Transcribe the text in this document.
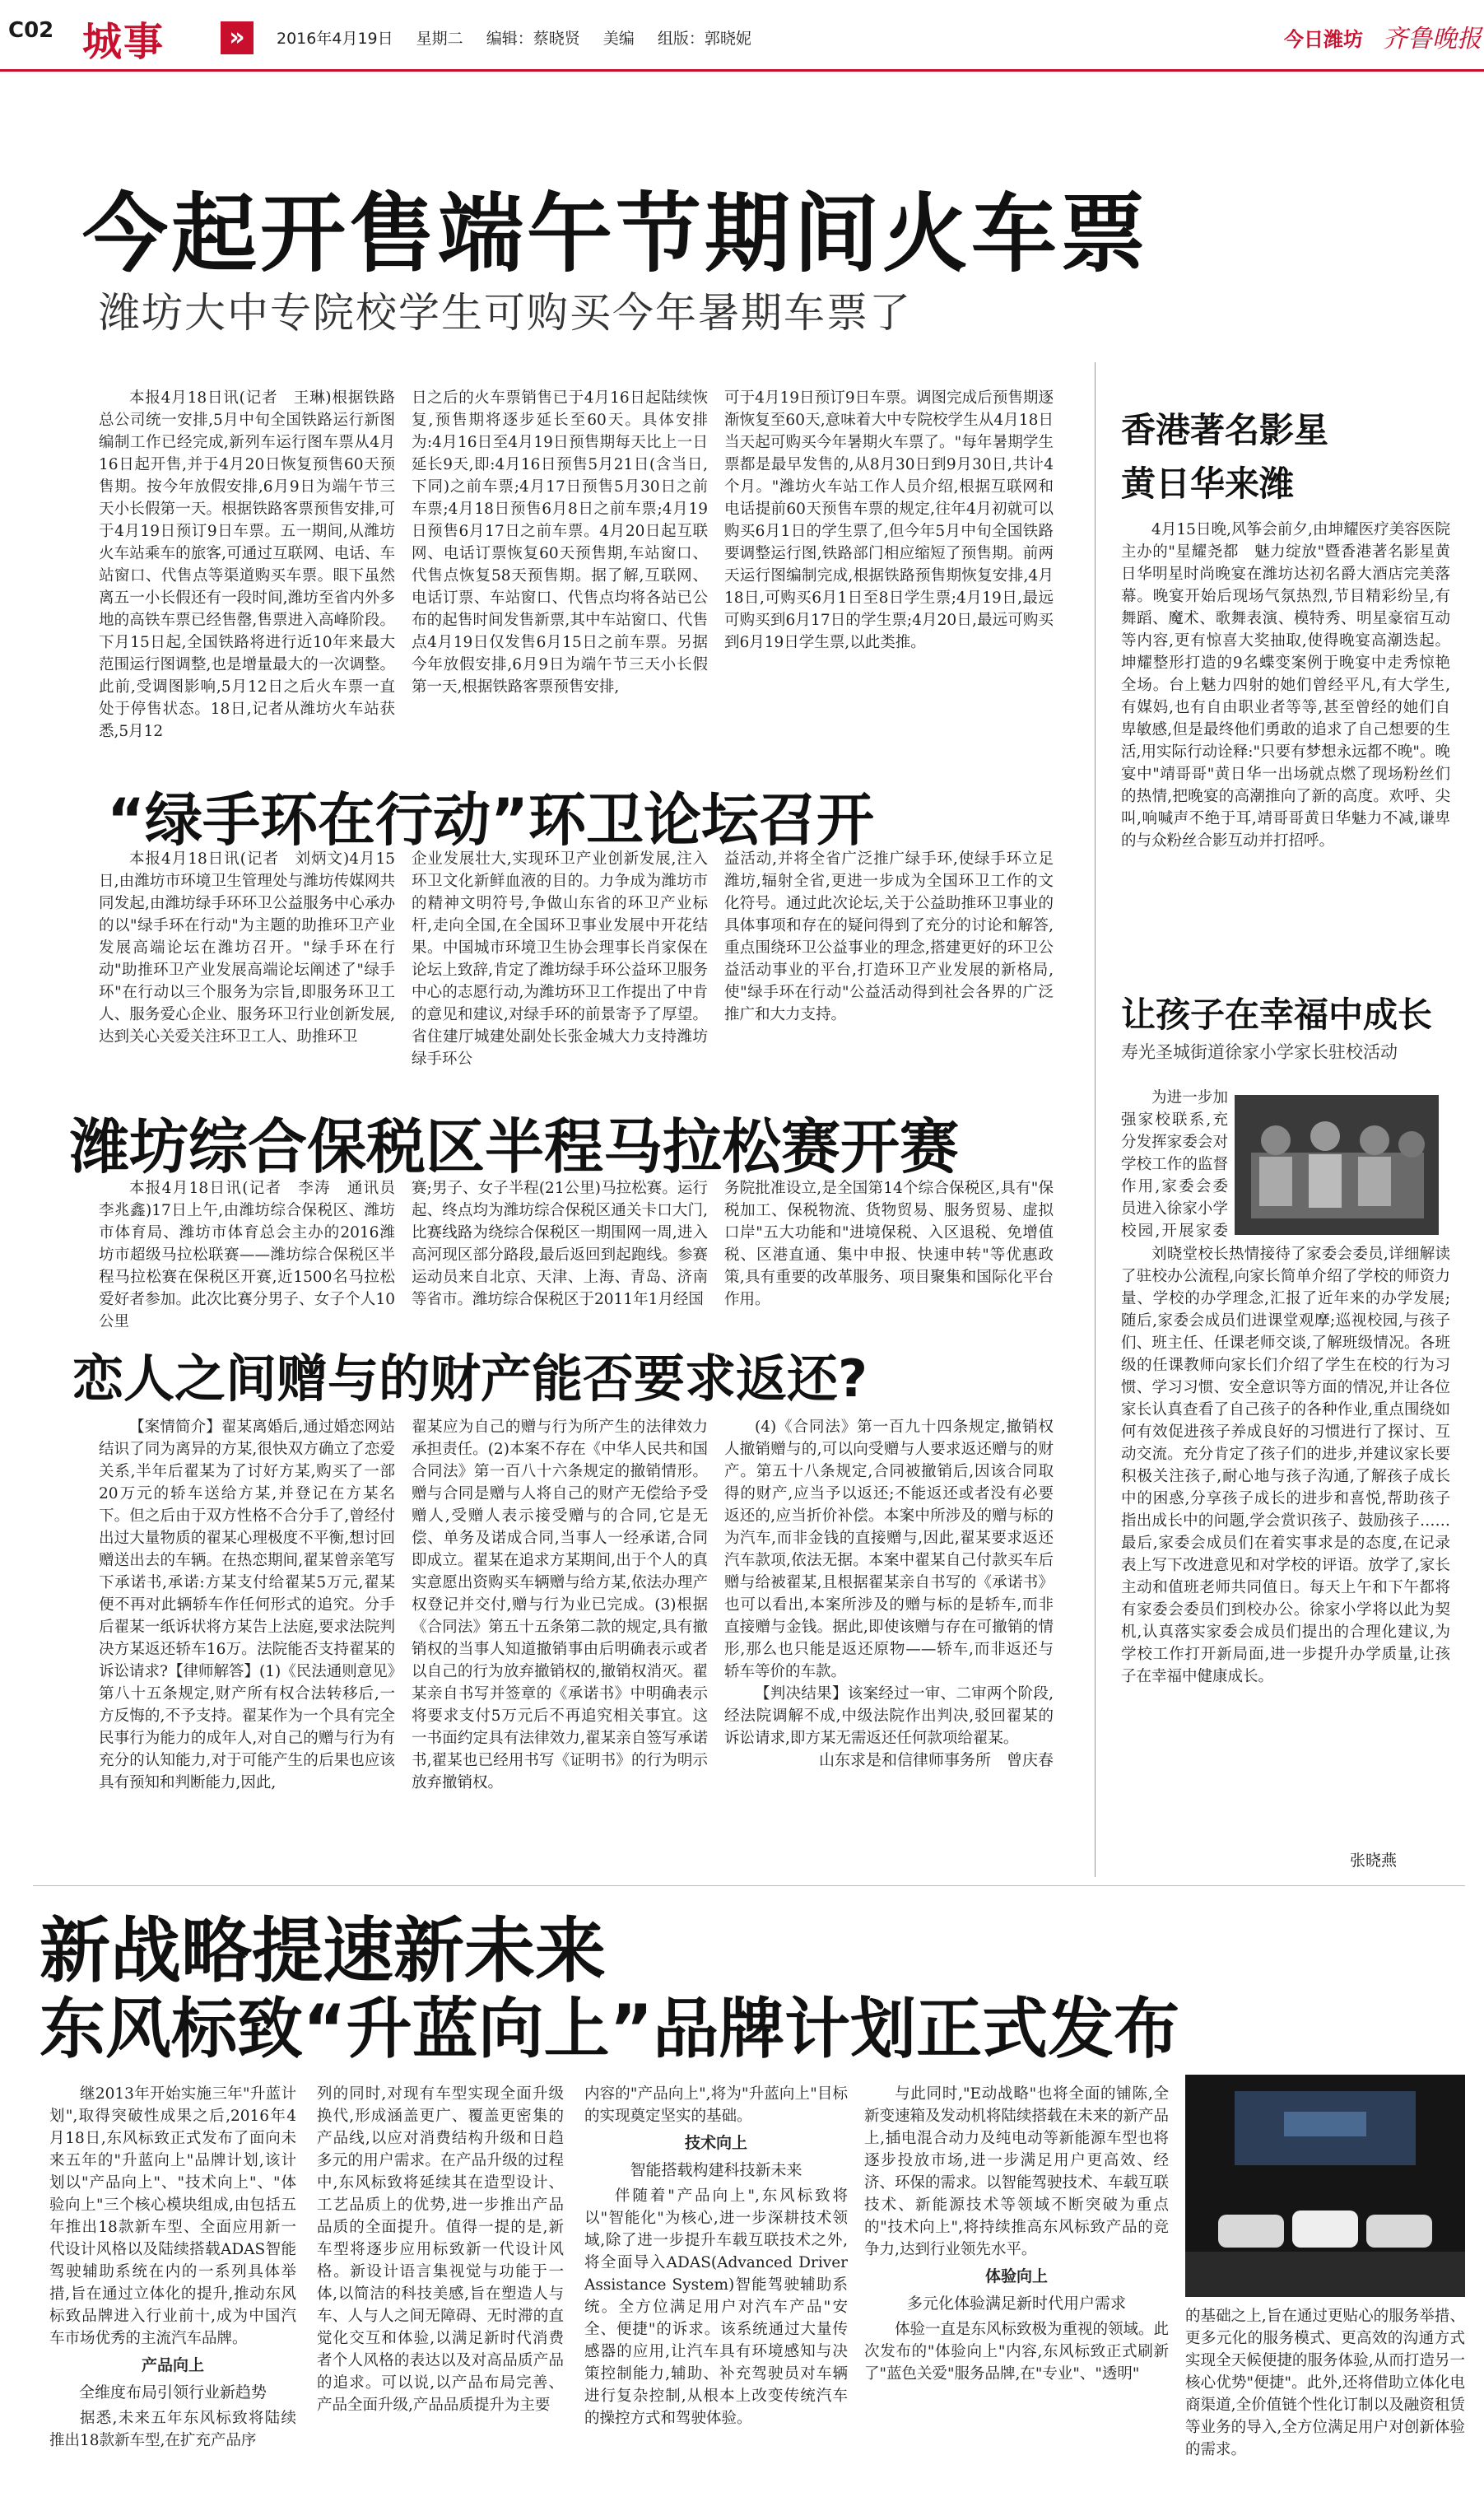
C02 城事	»	2016年4月19日 星期二 编辑：蔡晓贤 美编 组版：郭晓妮	今日潍坊 齐鲁晚报
今起开售端午节期间火车票
潍坊大中专院校学生可购买今年暑期车票了

本报4月18日讯(记者　王琳)根据铁路总公司统一安排,5月中旬全国铁路运行新图编制工作已经完成,新列车运行图车票从4月16日起开售,并于4月20日恢复预售60天预售期。按今年放假安排,6月9日为端午节三天小长假第一天。根据铁路客票预售安排,可于4月19日预订9日车票。五一期间,从潍坊火车站乘车的旅客,可通过互联网、电话、车站窗口、代售点等渠道购买车票。眼下虽然离五一小长假还有一段时间,潍坊至省内外多地的高铁车票已经售罄,售票进入高峰阶段。下月15日起,全国铁路将进行近10年来最大范围运行图调整,也是增量最大的一次调整。此前,受调图影响,5月12日之后火车票一直处于停售状态。18日,记者从潍坊火车站获悉,5月12

日之后的火车票销售已于4月16日起陆续恢复,预售期将逐步延长至60天。具体安排为:4月16日至4月19日预售期每天比上一日延长9天,即:4月16日预售5月21日(含当日,下同)之前车票;4月17日预售5月30日之前车票;4月18日预售6月8日之前车票;4月19日预售6月17日之前车票。4月20日起互联网、电话订票恢复60天预售期,车站窗口、代售点恢复58天预售期。据了解,互联网、电话订票、车站窗口、代售点均将各站已公布的起售时间发售新票,其中车站窗口、代售点4月19日仅发售6月15日之前车票。另据今年放假安排,6月9日为端午节三天小长假第一天,根据铁路客票预售安排,

可于4月19日预订9日车票。调图完成后预售期逐渐恢复至60天,意味着大中专院校学生从4月18日当天起可购买今年暑期火车票了。"每年暑期学生票都是最早发售的,从8月30日到9月30日,共计4个月。"潍坊火车站工作人员介绍,根据互联网和电话提前60天预售车票的规定,往年4月初就可以购买6月1日的学生票了,但今年5月中旬全国铁路要调整运行图,铁路部门相应缩短了预售期。前两天运行图编制完成,根据铁路预售期恢复安排,4月18日,可购买6月1日至8日学生票;4月19日,最远可购买到6月17日的学生票;4月20日,最远可购买到6月19日学生票,以此类推。

“绿手环在行动”环卫论坛召开

本报4月18日讯(记者　刘炳文)4月15日,由潍坊市环境卫生管理处与潍坊传媒网共同发起,由潍坊绿手环环卫公益服务中心承办的以"绿手环在行动"为主题的助推环卫产业发展高端论坛在潍坊召开。"绿手环在行动"助推环卫产业发展高端论坛阐述了"绿手环"在行动以三个服务为宗旨,即服务环卫工人、服务爱心企业、服务环卫行业创新发展,达到关心关爱关注环卫工人、助推环卫

企业发展壮大,实现环卫产业创新发展,注入环卫文化新鲜血液的目的。力争成为潍坊市的精神文明符号,争做山东省的环卫产业标杆,走向全国,在全国环卫事业发展中开花结果。中国城市环境卫生协会理事长肖家保在论坛上致辞,肯定了潍坊绿手环公益环卫服务中心的志愿行动,为潍坊环卫工作提出了中肯的意见和建议,对绿手环的前景寄予了厚望。省住建厅城建处副处长张金城大力支持潍坊绿手环公

益活动,并将全省广泛推广绿手环,使绿手环立足潍坊,辐射全省,更进一步成为全国环卫工作的文化符号。通过此次论坛,关于公益助推环卫事业的具体事项和存在的疑问得到了充分的讨论和解答,重点围绕环卫公益事业的理念,搭建更好的环卫公益活动事业的平台,打造环卫产业发展的新格局,使"绿手环在行动"公益活动得到社会各界的广泛推广和大力支持。

潍坊综合保税区半程马拉松赛开赛

本报4月18日讯(记者　李涛　通讯员　李兆鑫)17日上午,由潍坊综合保税区、潍坊市体育局、潍坊市体育总会主办的2016潍坊市超级马拉松联赛——潍坊综合保税区半程马拉松赛在保税区开赛,近1500名马拉松爱好者参加。此次比赛分男子、女子个人10公里

赛;男子、女子半程(21公里)马拉松赛。运行起、终点均为潍坊综合保税区通关卡口大门,比赛线路为绕综合保税区一期围网一周,进入高河现区部分路段,最后返回到起跑线。参赛运动员来自北京、天津、上海、青岛、济南等省市。潍坊综合保税区于2011年1月经国

务院批准设立,是全国第14个综合保税区,具有"保税加工、保税物流、货物贸易、服务贸易、虚拟口岸"五大功能和"进境保税、入区退税、免增值税、区港直通、集中申报、快速申转"等优惠政策,具有重要的改革服务、项目聚集和国际化平台作用。

恋人之间赠与的财产能否要求返还?

【案情简介】翟某离婚后,通过婚恋网站结识了同为离异的方某,很快双方确立了恋爱关系,半年后翟某为了讨好方某,购买了一部20万元的轿车送给方某,并登记在方某名下。但之后由于双方性格不合分手了,曾经付出过大量物质的翟某心理极度不平衡,想讨回赠送出去的车辆。在热恋期间,翟某曾亲笔写下承诺书,承诺:方某支付给翟某5万元,翟某便不再对此辆轿车作任何形式的追究。分手后翟某一纸诉状将方某告上法庭,要求法院判决方某返还轿车16万。法院能否支持翟某的诉讼请求?【律师解答】(1)《民法通则意见》第八十五条规定,财产所有权合法转移后,一方反悔的,不予支持。翟某作为一个具有完全民事行为能力的成年人,对自己的赠与行为有充分的认知能力,对于可能产生的后果也应该具有预知和判断能力,因此,

翟某应为自己的赠与行为所产生的法律效力承担责任。(2)本案不存在《中华人民共和国合同法》第一百八十六条规定的撤销情形。赠与合同是赠与人将自己的财产无偿给予受赠人,受赠人表示接受赠与的合同,它是无偿、单务及诺成合同,当事人一经承诺,合同即成立。翟某在追求方某期间,出于个人的真实意愿出资购买车辆赠与给方某,依法办理产权登记并交付,赠与行为业已完成。(3)根据《合同法》第五十五条第二款的规定,具有撤销权的当事人知道撤销事由后明确表示或者以自己的行为放弃撤销权的,撤销权消灭。翟某亲自书写并签章的《承诺书》中明确表示将要求支付5万元后不再追究相关事宜。这一书面约定具有法律效力,翟某亲自签写承诺书,翟某也已经用书写《证明书》的行为明示放弃撤销权。

(4)《合同法》第一百九十四条规定,撤销权人撤销赠与的,可以向受赠与人要求返还赠与的财产。第五十八条规定,合同被撤销后,因该合同取得的财产,应当予以返还;不能返还或者没有必要返还的,应当折价补偿。本案中所涉及的赠与标的为汽车,而非金钱的直接赠与,因此,翟某要求返还汽车款项,依法无据。本案中翟某自己付款买车后赠与给被翟某,且根据翟某亲自书写的《承诺书》也可以看出,本案所涉及的赠与标的是轿车,而非直接赠与金钱。据此,即使该赠与存在可撤销的情形,那么也只能是返还原物——轿车,而非返还与轿车等价的车款。

【判决结果】该案经过一审、二审两个阶段,经法院调解不成,中级法院作出判决,驳回翟某的诉讼请求,即方某无需返还任何款项给翟某。

山东求是和信律师事务所　曾庆春

香港著名影星
黄日华来潍

4月15日晚,风筝会前夕,由坤耀医疗美容医院主办的"星耀尧都　魅力绽放"暨香港著名影星黄日华明星时尚晚宴在潍坊达初名爵大酒店完美落幕。晚宴开始后现场气氛热烈,节目精彩纷呈,有舞蹈、魔术、歌舞表演、模特秀、明星豪宿互动等内容,更有惊喜大奖抽取,使得晚宴高潮迭起。坤耀整形打造的9名蝶变案例于晚宴中走秀惊艳全场。台上魅力四射的她们曾经平凡,有大学生,有媒妈,也有自由职业者等等,甚至曾经的她们自卑敏感,但是最终他们勇敢的追求了自己想要的生活,用实际行动诠释:"只要有梦想永远都不晚"。晚宴中"靖哥哥"黄日华一出场就点燃了现场粉丝们的热情,把晚宴的高潮推向了新的高度。欢呼、尖叫,响喊声不绝于耳,靖哥哥黄日华魅力不减,谦卑的与众粉丝合影互动并打招呼。

让孩子在幸福中成长
寿光圣城街道徐家小学家长驻校活动

为进一步加强家校联系,充分发挥家委会对学校工作的监督作用,家委会委员进入徐家小学校园,开展家委

刘晓堂校长热情接待了家委会委员,详细解读了驻校办公流程,向家长简单介绍了学校的师资力量、学校的办学理念,汇报了近年来的办学发展;随后,家委会成员们进课堂观摩;巡视校园,与孩子们、班主任、任课老师交谈,了解班级情况。各班级的任课教师向家长们介绍了学生在校的行为习惯、学习习惯、安全意识等方面的情况,并让各位家长认真查看了自己孩子的各种作业,重点围绕如何有效促进孩子养成良好的习惯进行了探讨、互动交流。充分肯定了孩子们的进步,并建议家长要积极关注孩子,耐心地与孩子沟通,了解孩子成长中的困惑,分享孩子成长的进步和喜悦,帮助孩子指出成长中的问题,学会赏识孩子、鼓励孩子……最后,家委会成员们在着实事求是的态度,在记录表上写下改进意见和对学校的评语。放学了,家长主动和值班老师共同值日。每天上午和下午都将有家委会委员们到校办公。徐家小学将以此为契机,认真落实家委会成员们提出的合理化建议,为学校工作打开新局面,进一步提升办学质量,让孩子在幸福中健康成长。

张晓燕
新战略提速新未来
东风标致“升蓝向上”品牌计划正式发布

继2013年开始实施三年"升蓝计划",取得突破性成果之后,2016年4月18日,东风标致正式发布了面向未来五年的"升蓝向上"品牌计划,该计划以"产品向上"、"技术向上"、"体验向上"三个核心模块组成,由包括五年推出18款新车型、全面应用新一代设计风格以及陆续搭载ADAS智能驾驶辅助系统在内的一系列具体举措,旨在通过立体化的提升,推动东风标致品牌进入行业前十,成为中国汽车市场优秀的主流汽车品牌。

产品向上

全维度布局引领行业新趋势

据悉,未来五年东风标致将陆续推出18款新车型,在扩充产品序

列的同时,对现有车型实现全面升级换代,形成涵盖更广、覆盖更密集的产品线,以应对消费结构升级和日趋多元的用户需求。在产品升级的过程中,东风标致将延续其在造型设计、工艺品质上的优势,进一步推出产品品质的全面提升。值得一提的是,新车型将逐步应用标致新一代设计风格。新设计语言集视觉与功能于一体,以简洁的科技美感,旨在塑造人与车、人与人之间无障碍、无时滞的直觉化交互和体验,以满足新时代消费者个人风格的表达以及对高品质产品的追求。可以说,以产品布局完善、产品全面升级,产品品质提升为主要

内容的"产品向上",将为"升蓝向上"目标的实现奠定坚实的基础。

技术向上

智能搭载构建科技新未来

伴随着"产品向上",东风标致将以"智能化"为核心,进一步深耕技术领域,除了进一步提升车载互联技术之外,将全面导入ADAS(Advanced Driver Assistance System)智能驾驶辅助系统。全方位满足用户对汽车产品"安全、便捷"的诉求。该系统通过大量传感器的应用,让汽车具有环境感知与决策控制能力,辅助、补充驾驶员对车辆进行复杂控制,从根本上改变传统汽车的操控方式和驾驶体验。

与此同时,"E动战略"也将全面的铺陈,全新变速箱及发动机将陆续搭载在未来的新产品上,插电混合动力及纯电动等新能源车型也将逐步投放市场,进一步满足用户更高效、经济、环保的需求。以智能驾驶技术、车载互联技术、新能源技术等领域不断突破为重点的"技术向上",将持续推高东风标致产品的竞争力,达到行业领先水平。

体验向上

多元化体验满足新时代用户需求

体验一直是东风标致极为重视的领域。此次发布的"体验向上"内容,东风标致正式刷新了"蓝色关爱"服务品牌,在"专业"、"透明"

的基础之上,旨在通过更贴心的服务举措、更多元化的服务模式、更高效的沟通方式实现全天候便捷的服务体验,从而打造另一核心优势"便捷"。此外,还将借助立体化电商渠道,全价值链个性化订制以及融资租赁等业务的导入,全方位满足用户对创新体验的需求。
